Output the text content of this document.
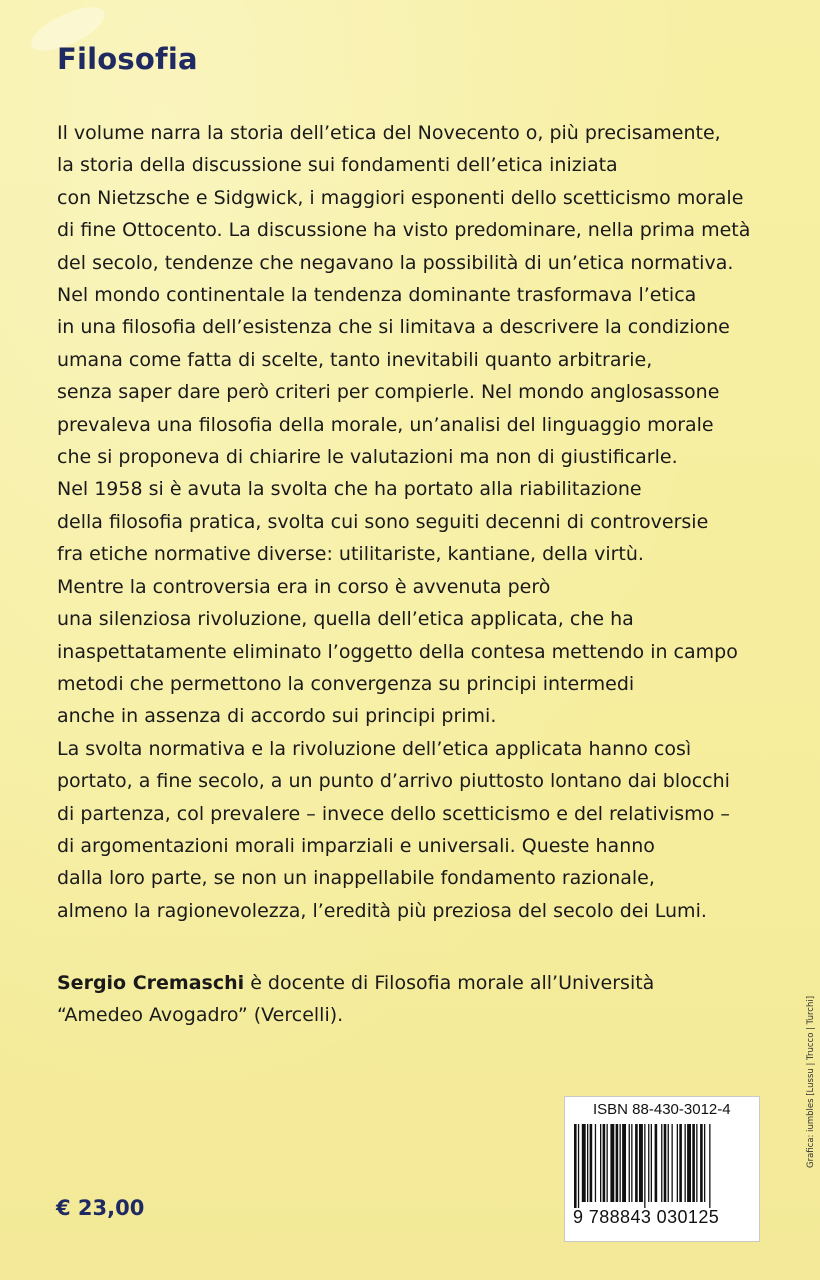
Filosofia
Il volume narra la storia dell’etica del Novecento o, più precisamente,
la storia della discussione sui fondamenti dell’etica iniziata
con Nietzsche e Sidgwick, i maggiori esponenti dello scetticismo morale
di fine Ottocento. La discussione ha visto predominare, nella prima metà
del secolo, tendenze che negavano la possibilità di un’etica normativa.
Nel mondo continentale la tendenza dominante trasformava l’etica
in una filosofia dell’esistenza che si limitava a descrivere la condizione
umana come fatta di scelte, tanto inevitabili quanto arbitrarie,
senza saper dare però criteri per compierle. Nel mondo anglosassone
prevaleva una filosofia della morale, un’analisi del linguaggio morale
che si proponeva di chiarire le valutazioni ma non di giustificarle.
Nel 1958 si è avuta la svolta che ha portato alla riabilitazione
della filosofia pratica, svolta cui sono seguiti decenni di controversie
fra etiche normative diverse: utilitariste, kantiane, della virtù.
Mentre la controversia era in corso è avvenuta però
una silenziosa rivoluzione, quella dell’etica applicata, che ha
inaspettatamente eliminato l’oggetto della contesa mettendo in campo
metodi che permettono la convergenza su principi intermedi
anche in assenza di accordo sui principi primi.
La svolta normativa e la rivoluzione dell’etica applicata hanno così
portato, a fine secolo, a un punto d’arrivo piuttosto lontano dai blocchi
di partenza, col prevalere – invece dello scetticismo e del relativismo –
di argomentazioni morali imparziali e universali. Queste hanno
dalla loro parte, se non un inappellabile fondamento razionale,
almeno la ragionevolezza, l’eredità più preziosa del secolo dei Lumi.
Sergio Cremaschi è docente di Filosofia morale all’Università
“Amedeo Avogadro” (Vercelli).
€ 23,00
ISBN 88-430-3012-4
9 788843 030125
Grafica: iumbles [Lussu | Trucco | Turchi]
